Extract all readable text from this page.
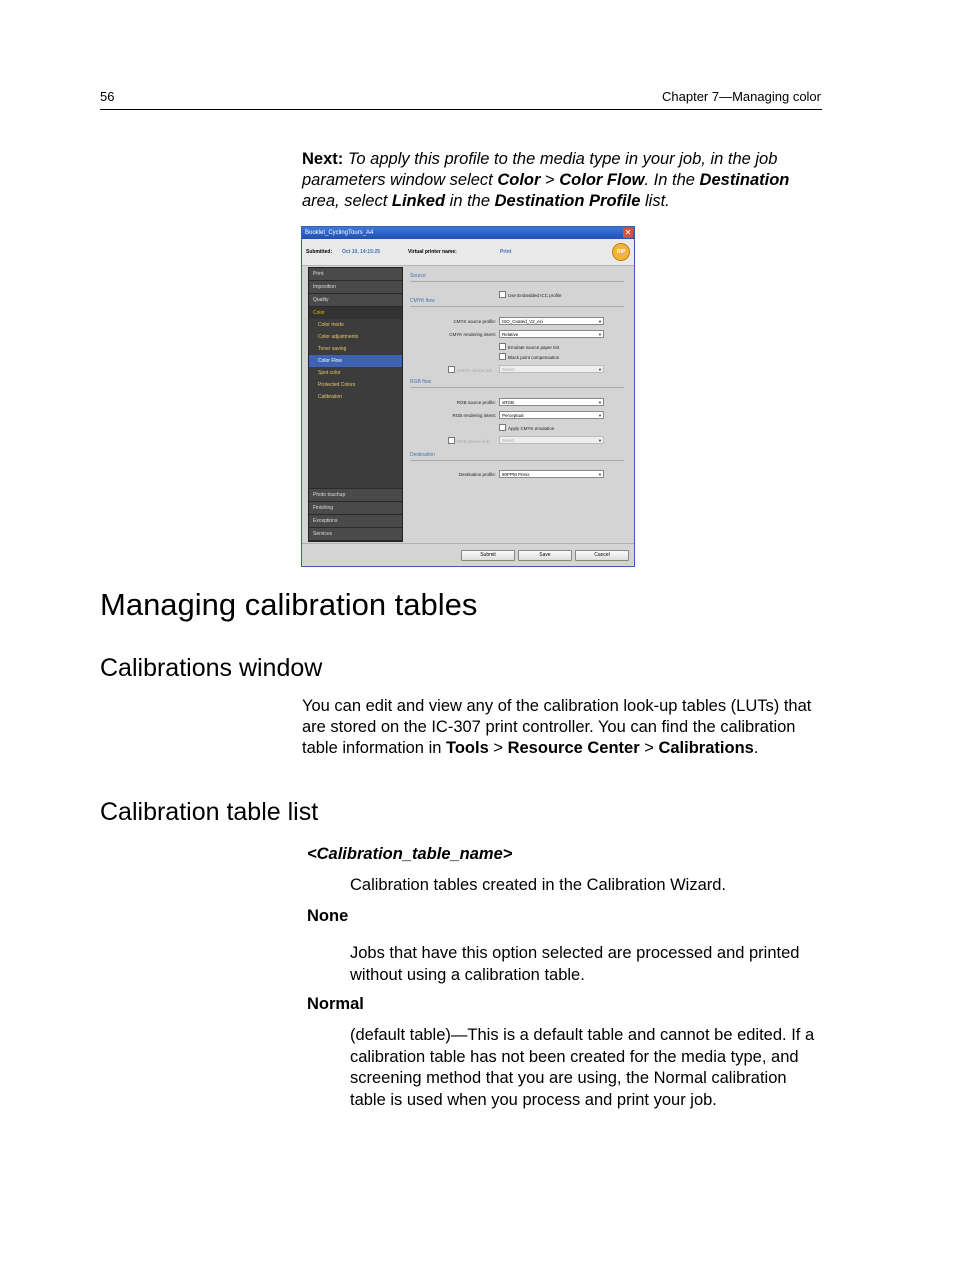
56	Chapter 7—Managing color
Next: To apply this profile to the media type in your job, in the job parameters window select Color > Color Flow. In the Destination area, select Linked in the Destination Profile list.
Booklet_CyclingTours_A4	✕
Submitted: Oct 10, 14:15:25	Virtual printer name:	Print	RIP
Print
Imposition
Quality
Color
Color mode
Color adjustments
Toner saving
Color Flow
Spot color
Protected Colors
Calibration
Photo touchup
Finishing
Exceptions
Services
Source
Use Embedded ICC profile
CMYK flow
CMYK source profile:	ISO_Coated_V2_eci ▼
CMYK rendering intent:	Relative ▼
Emulate source paper tint
Black point compensation
CMYK device link	Select ▼
RGB flow
RGB source profile:	sRGB ▼
RGB rendering intent:	Perceptual ▼
Apply CMYK emulation
RGB device link	Select ▼
Destination
Destination profile:	80PPM Press ▼
Submit	Save	Cancel
Managing calibration tables
Calibrations window
You can edit and view any of the calibration look-up tables (LUTs) that are stored on the IC-307 print controller. You can find the calibration table information in Tools > Resource Center > Calibrations.
Calibration table list
<Calibration_table_name>
Calibration tables created in the Calibration Wizard.
None
Jobs that have this option selected are processed and printed without using a calibration table.
Normal
(default table)—This is a default table and cannot be edited. If a calibration table has not been created for the media type, and screening method that you are using, the Normal calibration table is used when you process and print your job.
